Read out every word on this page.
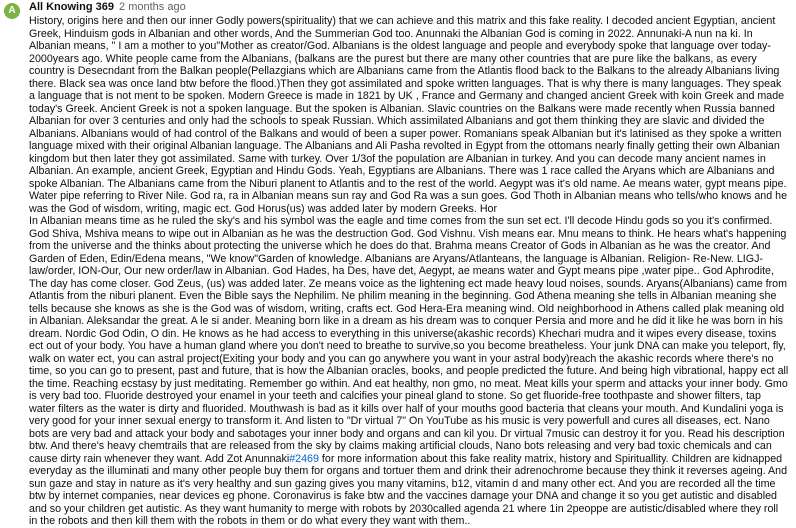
A	All Knowing 369 2 months ago

History, origins here and then our inner Godly powers(spirituality) that we can achieve and this matrix and this fake reality. I decoded ancient Egyptian, ancient Greek, Hinduism gods in Albanian and other words, And the Summerian God too. Anunnaki the Albanian God is coming in 2022. Annunaki-A nun na ki. In Albanian means, " I am a mother to you"Mother as creator/God. Albanians is the oldest language and people and everybody spoke that language over today-2000years ago. White people came from the Albanians, (balkans are the purest but there are many other countries that are pure like the balkans, as every country is Desecndant from the Balkan people(Pellazgians which are Albanians came from the Atlantis flood back to the Balkans to the already Albanians living there. Black sea was once land btw before the flood.)Then they got assimilated and spoke written languages. That is why there is many languages. They speak a language that is not ment to be spoken. Modern Greece is made in 1821 by UK , France and Germany and changed ancient Greek with koin Greek and made today's Greek. Ancient Greek is not a spoken language. But the spoken is Albanian. Slavic countries on the Balkans were made recently when Russia banned Albanian for over 3 centuries and only had the schools to speak Russian. Which assimilated Albanians and got them thinking they are slavic and divided the Albanians. Albanians would of had control of the Balkans and would of been a super power. Romanians speak Albanian but it's latinised as they spoke a written language mixed with their original Albanian language. The Albanians and Ali Pasha revolted in Egypt from the ottomans nearly finally getting their own Albanian kingdom but then later they got assimilated. Same with turkey. Over 1/3of the population are Albanian in turkey. And you can decode many ancient names in Albanian. An example, ancient Greek, Egyptian and Hindu Gods. Yeah, Egyptians are Albanians. There was 1 race called the Aryans which are Albanians and spoke Albanian. The Albanians came from the Niburi planent to Atlantis and to the rest of the world. Aegypt was it's old name. Ae means water, gypt means pipe. Water pipe referring to River Nile. God ra, ra in Albanian means sun ray and God Ra was a sun goes. God Thoth in Albanian means who tells/who knows and he was the God of wisdom, writing, magic ect. God Horus(us) was added later by modern Greeks. Hor

In Albanian means time as he ruled the sky's and his symbol was the eagle and time comes from the sun set ect. I'll decode Hindu gods so you it's confirmed. God Shiva, Mshiva means to wipe out in Albanian as he was the destruction God. God Vishnu. Vish means ear. Mnu means to think. He hears what's happening from the universe and the thinks about protecting the universe which he does do that. Brahma means Creator of Gods in Albanian as he was the creator. And Garden of Eden, Edin/Edena means, "We know"Garden of knowledge. Albanians are Aryans/Atlanteans, the language is Albanian. Religion- Re-New. LIGJ-law/order, ION-Our, Our new order/law in Albanian. God Hades, ha Des, have det, Aegypt, ae means water and Gypt means pipe ,water pipe.. God Aphrodite, The day has come closer. God Zeus, (us) was added later. Ze means voice as the lightening ect made heavy loud noises, sounds. Aryans(Albanians) came from Atlantis from the niburi planent. Even the Bible says the Nephilim. Ne philim meaning in the beginning. God Athena meaning she tells in Albanian meaning she tells because she knows as she is the God was of wisdom, writing, crafts ect. God Hera-Era meaning wind. Old neighborhood in Athens called plak meaning old in Albanian. Aleksandar the great. A le si ander. Meaning born like in a dream as his dream was to conquer Persia and more and he did it like he was born in his dream. Nordic God Odin, O din. He knows as he had access to everything in this universe(akashic records) Khechari mudra and it wipes every disease, toxins ect out of your body. You have a human gland where you don't need to breathe to survive,so you become breatheless. Your junk DNA can make you teleport, fly, walk on water ect, you can astral project(Exiting your body and you can go anywhere you want in your astral body)reach the akashic records where there's no time, so you can go to present, past and future, that is how the Albanian oracles, books, and people predicted the future. And being high vibrational, happy ect all the time. Reaching ecstasy by just meditating. Remember go within. And eat healthy, non gmo, no meat. Meat kills your sperm and attacks your inner body. Gmo is very bad too. Fluoride destroyed your enamel in your teeth and calcifies your pineal gland to stone. So get fluoride-free toothpaste and shower filters, tap water filters as the water is dirty and fluorided. Mouthwash is bad as it kills over half of your mouths good bacteria that cleans your mouth. And Kundalini yoga is very good for your inner sexual energy to transform it. And listen to "Dr virtual 7" On YouTube as his music is very powerfull and cures all diseases, ect. Nano bots are very bad and attack your body and sabotages your inner body and organs and can kil you. Dr virtual 7music can destroy it for you. Read his description btw. And there's heavy chemtrails that are released from the sky by claims making artificial clouds, Nano bots releasing and very bad toxic chemicals and can cause dirty rain whenever they want. Add Zot Anunnaki#2469 for more information about this fake reality matrix, history and Spirituallity. Children are kidnapped everyday as the illuminati and many other people buy them for organs and tortuer them and drink their adrenochrome because they think it reverses ageing. And sun gaze and stay in nature as it's very healthy and sun gazing gives you many vitamins, b12, vitamin d and many other ect. And you are recorded all the time btw by internet companies, near devices eg phone. Coronavirus is fake btw and the vaccines damage your DNA and change it so you get autistic and disabled and so your children get autistic. As they want humanity to merge with robots by 2030called agenda 21 where 1in 2peoppe are autistic/disabled where they roll in the robots and then kill them with the robots in them or do what every they want with them..
